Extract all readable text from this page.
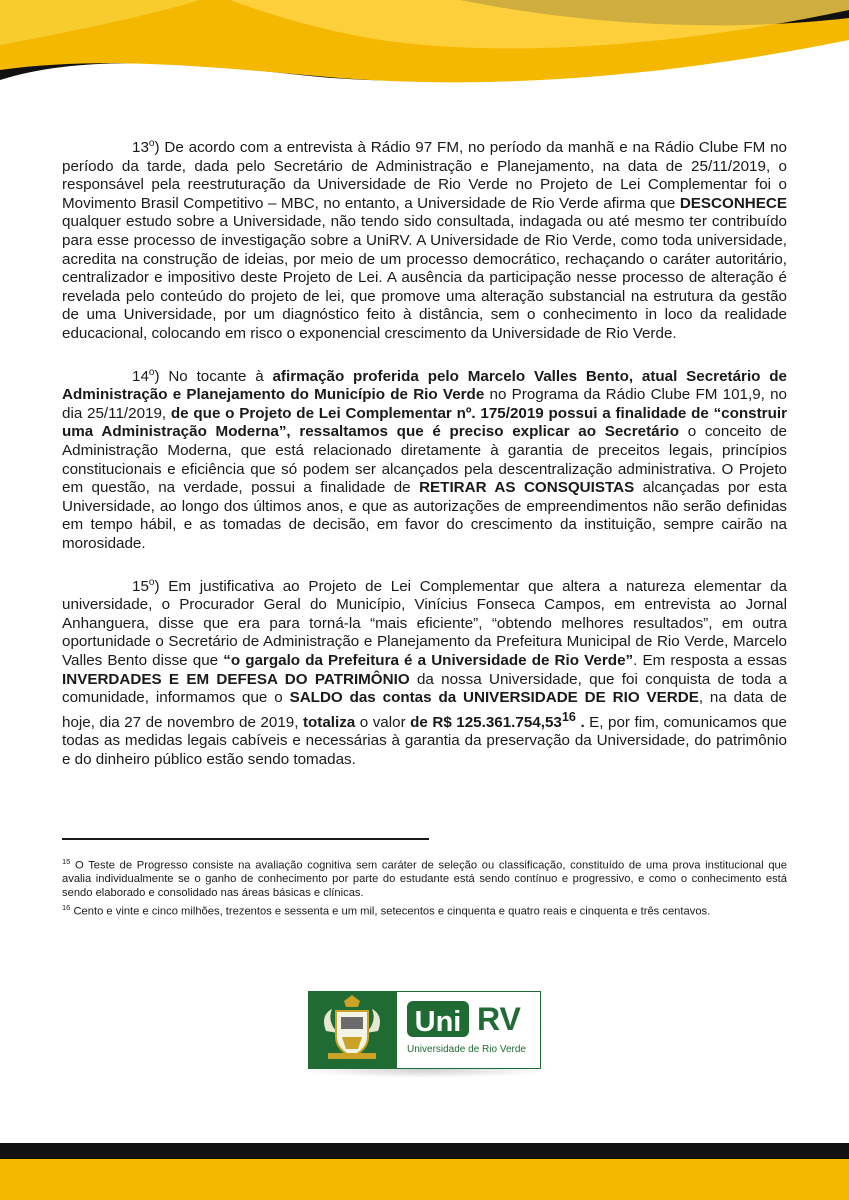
13$^o$) De acordo com a entrevista à Rádio 97 FM, no período da manhã e na Rádio Clube FM no período da tarde, dada pelo Secretário de Administração e Planejamento, na data de 25/11/2019, o responsável pela reestruturação da Universidade de Rio Verde no Projeto de Lei Complementar foi o Movimento Brasil Competitivo – MBC, no entanto, a Universidade de Rio Verde afirma que DESCONHECE qualquer estudo sobre a Universidade, não tendo sido consultada, indagada ou até mesmo ter contribuído para esse processo de investigação sobre a UniRV. A Universidade de Rio Verde, como toda universidade, acredita na construção de ideias, por meio de um processo democrático, rechaçando o caráter autoritário, centralizador e impositivo deste Projeto de Lei. A ausência da participação nesse processo de alteração é revelada pelo conteúdo do projeto de lei, que promove uma alteração substancial na estrutura da gestão de uma Universidade, por um diagnóstico feito à distância, sem o conhecimento in loco da realidade educacional, colocando em risco o exponencial crescimento da Universidade de Rio Verde.

14$^o$) No tocante à afirmação proferida pelo Marcelo Valles Bento, atual Secretário de Administração e Planejamento do Município de Rio Verde no Programa da Rádio Clube FM 101,9, no dia 25/11/2019, de que o Projeto de Lei Complementar nº. 175/2019 possui a finalidade de “construir uma Administração Moderna”, ressaltamos que é preciso explicar ao Secretário o conceito de Administração Moderna, que está relacionado diretamente à garantia de preceitos legais, princípios constitucionais e eficiência que só podem ser alcançados pela descentralização administrativa. O Projeto em questão, na verdade, possui a finalidade de RETIRAR AS CONSQUISTAS alcançadas por esta Universidade, ao longo dos últimos anos, e que as autorizações de empreendimentos não serão definidas em tempo hábil, e as tomadas de decisão, em favor do crescimento da instituição, sempre cairão na morosidade.

15$^o$) Em justificativa ao Projeto de Lei Complementar que altera a natureza elementar da universidade, o Procurador Geral do Município, Vinícius Fonseca Campos, em entrevista ao Jornal Anhanguera, disse que era para torná-la “mais eficiente”, “obtendo melhores resultados”, em outra oportunidade o Secretário de Administração e Planejamento da Prefeitura Municipal de Rio Verde, Marcelo Valles Bento disse que “o gargalo da Prefeitura é a Universidade de Rio Verde”. Em resposta a essas INVERDADES E EM DEFESA DO PATRIMÔNIO da nossa Universidade, que foi conquista de toda a comunidade, informamos que o SALDO das contas da UNIVERSIDADE DE RIO VERDE, na data de hoje, dia 27 de novembro de 2019, totaliza o valor de R$ 125.361.754,53$^{16}$ . E, por fim, comunicamos que todas as medidas legais cabíveis e necessárias à garantia da preservação da Universidade, do patrimônio e do dinheiro público estão sendo tomadas.

$^{15}$ O Teste de Progresso consiste na avaliação cognitiva sem caráter de seleção ou classificação, constituído de uma prova institucional que avalia individualmente se o ganho de conhecimento por parte do estudante está sendo contínuo e progressivo, e como o conhecimento está sendo elaborado e consolidado nas áreas básicas e clínicas.

$^{16}$ Cento e vinte e cinco milhões, trezentos e sessenta e um mil, setecentos e cinquenta e quatro reais e cinquenta e três centavos.

Uni RV
Universidade de Rio Verde
